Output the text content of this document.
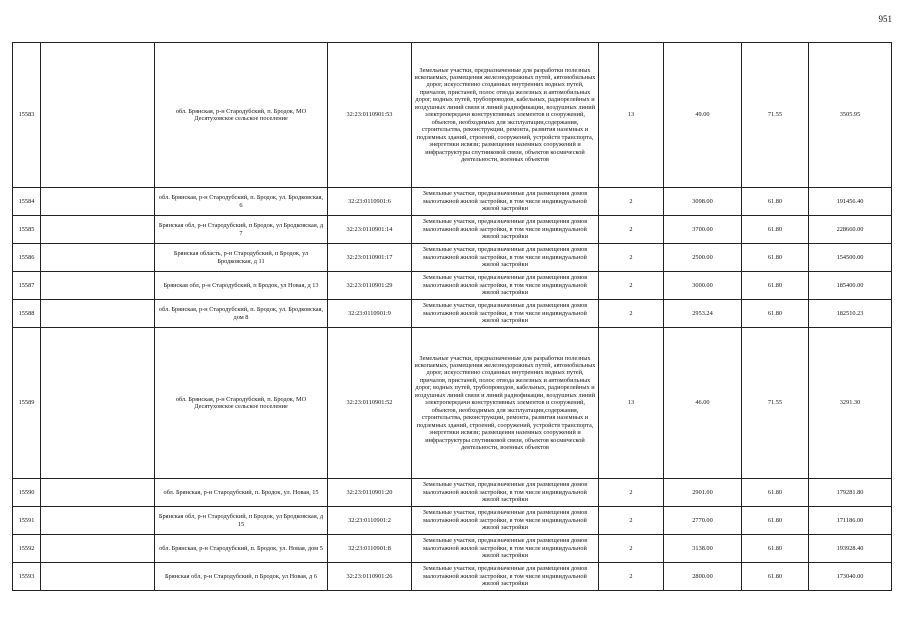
951
15583		обл. Брянская, р-н Стародубский, п. Бродок, МО Десятуховское сельское поселение	32:23:0110901:53	Земельные участки, предназначенные для разработки полезных ископаемых, размещения железнодорожных путей, автомобильных дорог, искусственно созданных внутренних водных путей, причалов, пристаней, полос отвода железных и автомобильных дорог, водных путей, трубопроводов, кабельных, радиорелейных и воздушных линий связи и линий радиофикации, воздушных линий электропередачи конструктивных элементов и сооружений, объектов, необходимых для эксплуатации,содержания, строительства, реконструкции, ремонта, развития наземных и подземных зданий, строений, сооружений, устройств транспорта, энергетики исвязи; размещения наземных сооружений и инфраструктуры спутниковой связи, объектов космической деятельности, военных объектов	13	49.00	71.55	3505.95
15584		обл. Брянская, р-н Стародубский, п. Бродок, ул. Бродковская, 6	32:23:0110901:6	Земельные участки, предназначенные для размещения домов малоэтажной жилой застройки, в том числе индивидуальной жилой застройки	2	3098.00	61.80	191456.40
15585		Брянская обл, р-н Стародубский, п Бродок, ул Бродковская, д 7	32:23:0110901:14	Земельные участки, предназначенные для размещения домов малоэтажной жилой застройки, в том числе индивидуальной жилой застройки	2	3700.00	61.80	228660.00
15586		Брянская область, р-н Стародубский, п Бродок, ул Бродковская, д 11	32:23:0110901:17	Земельные участки, предназначенные для размещения домов малоэтажной жилой застройки, в том числе индивидуальной жилой застройки	2	2500.00	61.80	154500.00
15587		Брянская обл, р-н Стародубский, п Бродок, ул Новая, д 13	32:23:0110901:29	Земельные участки, предназначенные для размещения домов малоэтажной жилой застройки, в том числе индивидуальной жилой застройки	2	3000.00	61.80	185400.00
15588		обл. Брянская, р-н Стародубский, п. Бродок, ул. Бродковская, дом 8	32:23:0110901:9	Земельные участки, предназначенные для размещения домов малоэтажной жилой застройки, в том числе индивидуальной жилой застройки	2	2953.24	61.80	182510.23
15589		обл. Брянская, р-н Стародубский, п. Бродок, МО Десятуховское сельское поселение	32:23:0110901:52	Земельные участки, предназначенные для разработки полезных ископаемых, размещения железнодорожных путей, автомобильных дорог, искусственно созданных внутренних водных путей, причалов, пристаней, полос отвода железных и автомобильных дорог, водных путей, трубопроводов, кабельных, радиорелейных и воздушных линий связи и линий радиофикации, воздушных линий электропередачи конструктивных элементов и сооружений, объектов, необходимых для эксплуатации,содержания, строительства, реконструкции, ремонта, развития наземных и подземных зданий, строений, сооружений, устройств транспорта, энергетики исвязи; размещения наземных сооружений и инфраструктуры спутниковой связи, объектов космической деятельности, военных объектов	13	46.00	71.55	3291.30
15590		обл. Брянская, р-н Стародубский, п. Бродок, ул. Новая, 15	32:23:0110901:20	Земельные участки, предназначенные для размещения домов малоэтажной жилой застройки, в том числе индивидуальной жилой застройки	2	2901.00	61.80	179281.80
15591		Брянская обл, р-н Стародубский, п Бродок, ул Бродковская, д 15	32:23:0110901:2	Земельные участки, предназначенные для размещения домов малоэтажной жилой застройки, в том числе индивидуальной жилой застройки	2	2770.00	61.80	171186.00
15592		обл. Брянская, р-н Стародубский, п. Бродок, ул. Новая, дом 5	32:23:0110901:8	Земельные участки, предназначенные для размещения домов малоэтажной жилой застройки, в том числе индивидуальной жилой застройки	2	3138.00	61.80	193928.40
15593		Брянская обл, р-н Стародубский, п Бродок, ул Новая, д 6	32:23:0110901:26	Земельные участки, предназначенные для размещения домов малоэтажной жилой застройки, в том числе индивидуальной жилой застройки	2	2800.00	61.80	173040.00
